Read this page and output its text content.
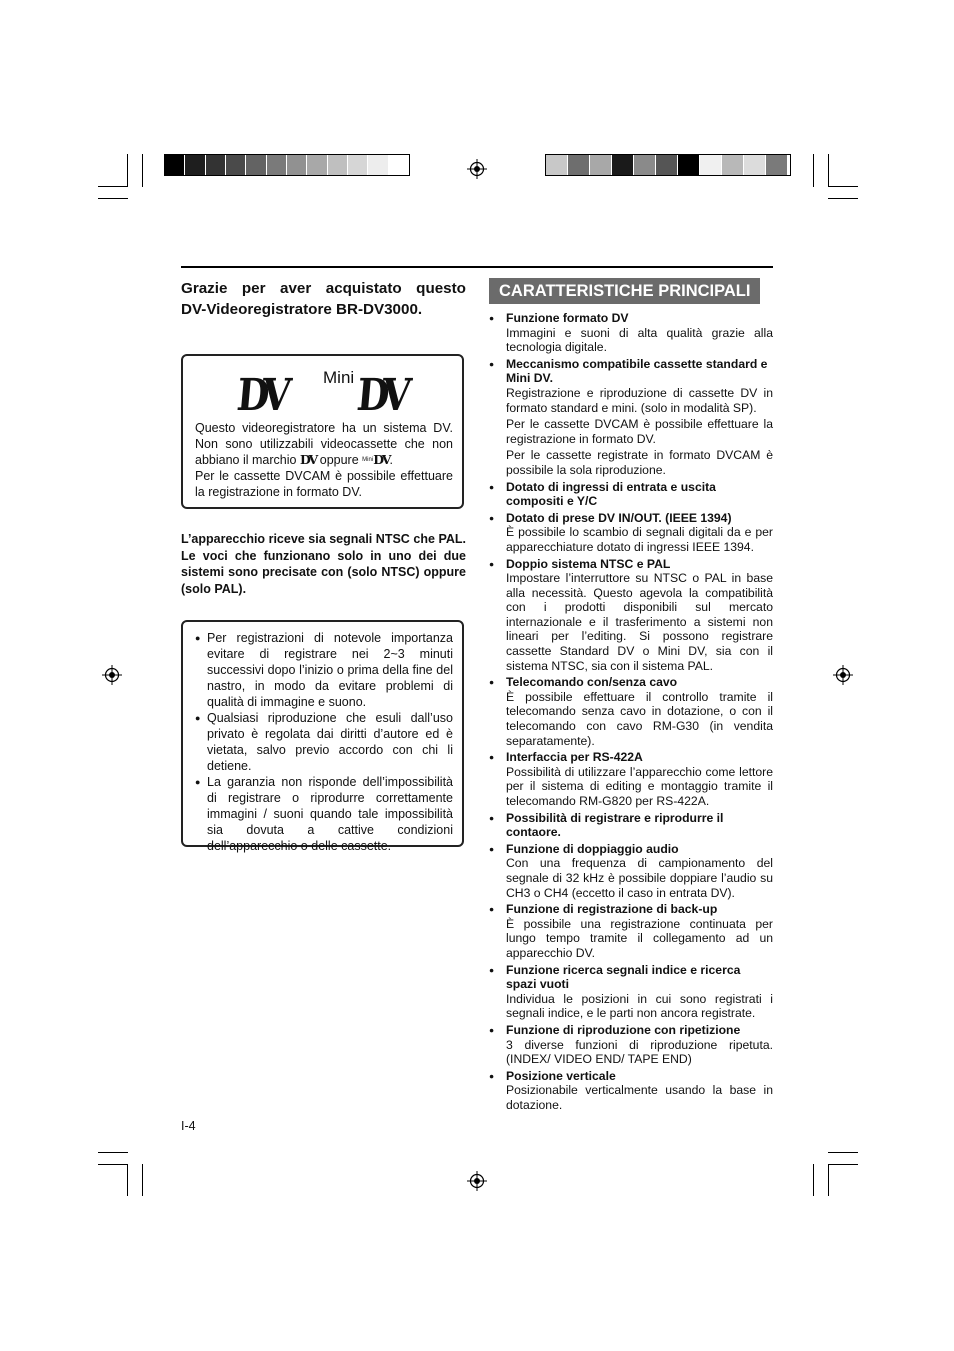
Grazie per aver acquistato questo
DV-Videoregistratore BR-DV3000.
DV Mini DV
Questo videoregistratore ha un sistema DV. Non sono utilizzabili videocassette che non abbiano il marchio DV oppure $^{Mini}$DV.
Per le cassette DVCAM è possibile effettuare la registrazione in formato DV.
L’apparecchio riceve sia segnali NTSC che PAL. Le voci che funzionano solo in uno dei due sistemi sono precisate con (solo NTSC) oppure (solo PAL).
● Per registrazioni di notevole importanza evitare di registrare nei 2~3 minuti successivi dopo l’inizio o prima della fine del nastro, in modo da evitare problemi di qualità di immagine e suono.
● Qualsiasi riproduzione che esuli dall’uso privato è regolata dai diritti d’autore ed è vietata, salvo previo accordo con chi li detiene.
● La garanzia non risponde dell’impossibilità di registrare o riprodurre correttamente immagini / suoni quando tale impossibilità sia dovuta a cattive condizioni dell’apparecchio o delle cassette.
I-4
CARATTERISTICHE PRINCIPALI
● Funzione formato DV
Immagini e suoni di alta qualità grazie alla tecnologia digitale.
● Meccanismo compatibile cassette standard e Mini DV.
Registrazione e riproduzione di cassette DV in formato standard e mini. (solo in modalità SP).
Per le cassette DVCAM è possibile effettuare la registrazione in formato DV.
Per le cassette registrate in formato DVCAM è possibile la sola riproduzione.
● Dotato di ingressi di entrata e uscita compositi e Y/C
● Dotato di prese DV IN/OUT. (IEEE 1394)
È possibile lo scambio di segnali digitali da e per apparecchiature dotato di ingressi IEEE 1394.
● Doppio sistema NTSC e PAL
Impostare l’interruttore su NTSC o PAL in base alla necessità. Questo agevola la compatibilità con i prodotti disponibili sul mercato internazionale e il trasferimento a sistemi non lineari per l’editing. Si possono registrare cassette Standard DV o Mini DV, sia con il sistema NTSC, sia con il sistema PAL.
● Telecomando con/senza cavo
È possibile effettuare il controllo tramite il telecomando senza cavo in dotazione, o con il telecomando con cavo RM-G30 (in vendita separatamente).
● Interfaccia per RS-422A
Possibilità di utilizzare l’apparecchio come lettore per il sistema di editing e montaggio tramite il telecomando RM-G820 per RS-422A.
● Possibilità di registrare e riprodurre il contaore.
● Funzione di doppiaggio audio
Con una frequenza di campionamento del segnale di 32 kHz è possibile doppiare l’audio su CH3 o CH4 (eccetto il caso in entrata DV).
● Funzione di registrazione di back-up
È possibile una registrazione continuata per lungo tempo tramite il collegamento ad un apparecchio DV.
● Funzione ricerca segnali indice e ricerca spazi vuoti
Individua le posizioni in cui sono registrati i segnali indice, e le parti non ancora registrate.
● Funzione di riproduzione con ripetizione
3 diverse funzioni di riproduzione ripetuta. (INDEX/ VIDEO END/ TAPE END)
● Posizione verticale
Posizionabile verticalmente usando la base in dotazione.
